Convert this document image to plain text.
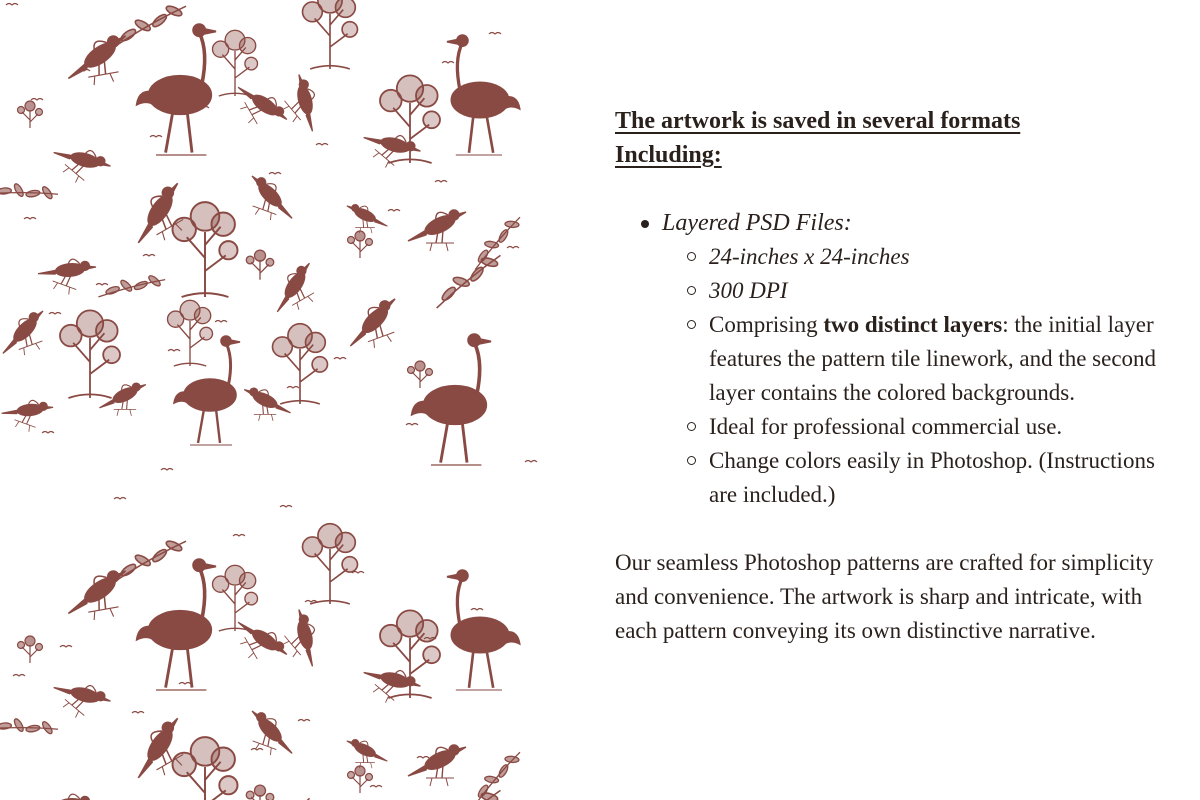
The artwork is saved in several formats
Including:
Layered PSD Files:
24-inches x 24-inches
300 DPI
Comprising two distinct layers: the initial layer features the pattern tile linework, and the second layer contains the colored backgrounds.
Ideal for professional commercial use.
Change colors easily in Photoshop. (Instructions are included.)

Our seamless Photoshop patterns are crafted for simplicity and convenience. The artwork is sharp and intricate, with each pattern conveying its own distinctive narrative.
